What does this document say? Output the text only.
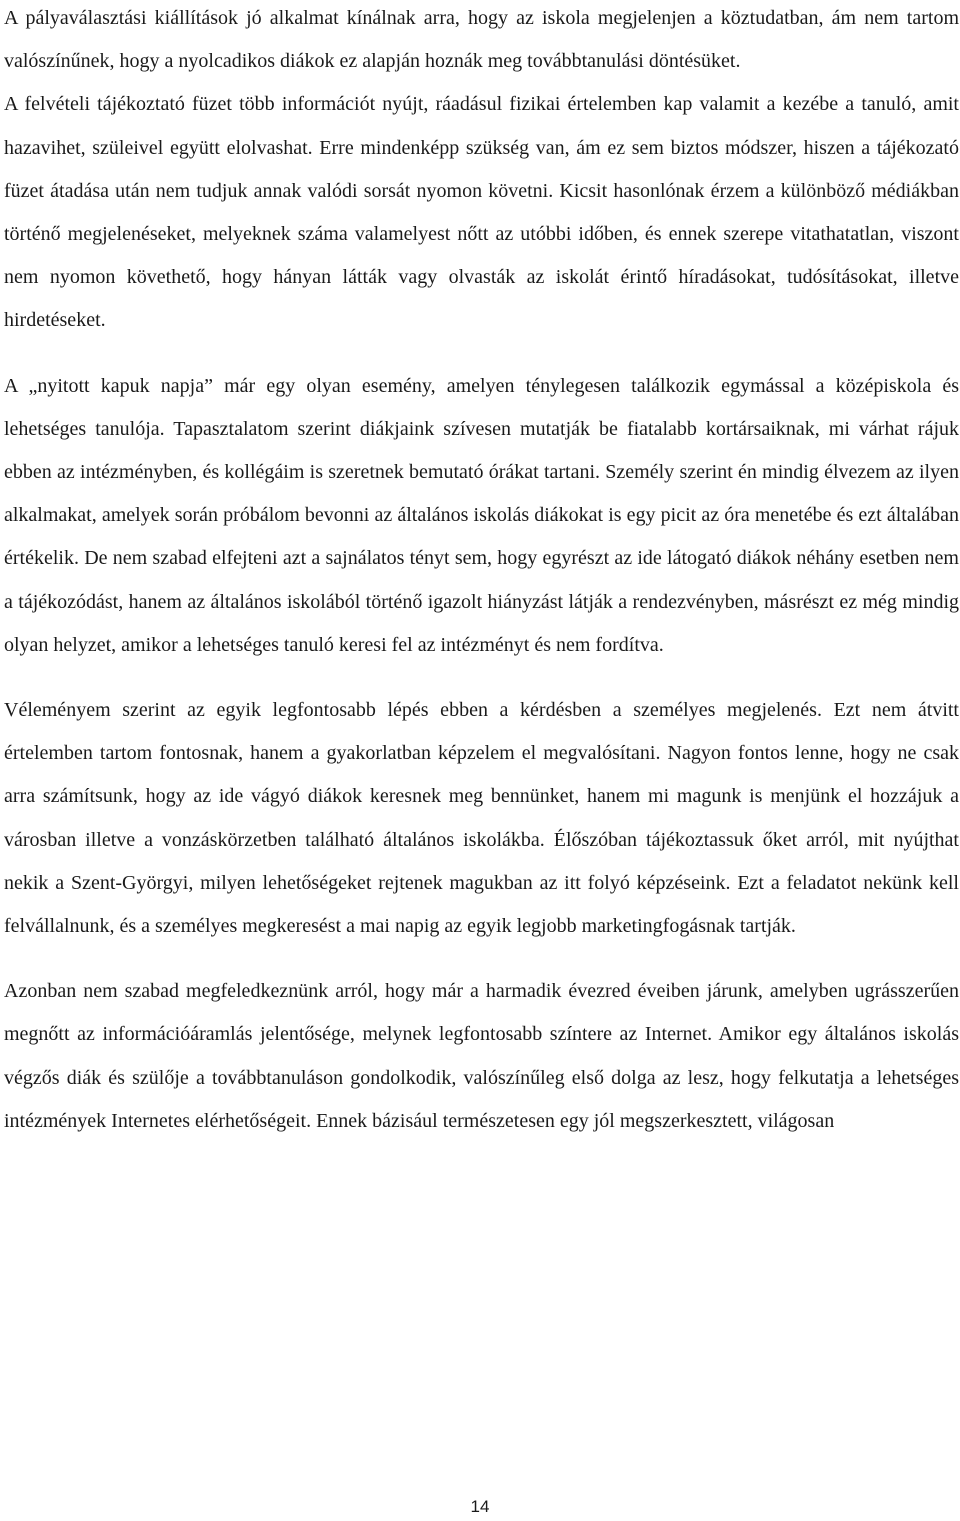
A pályaválasztási kiállítások jó alkalmat kínálnak arra, hogy az iskola megjelenjen a köztudatban, ám nem tartom valószínűnek, hogy a nyolcadikos diákok ez alapján hoznák meg továbbtanulási döntésüket.

A felvételi tájékoztató füzet több információt nyújt, ráadásul fizikai értelemben kap valamit a kezébe a tanuló, amit hazavihet, szüleivel együtt elolvashat. Erre mindenképp szükség van, ám ez sem biztos módszer, hiszen a tájékozató füzet átadása után nem tudjuk annak valódi sorsát nyomon követni. Kicsit hasonlónak érzem a különböző médiákban történő megjelenéseket, melyeknek száma valamelyest nőtt az utóbbi időben, és ennek szerepe vitathatatlan, viszont nem nyomon követhető, hogy hányan látták vagy olvasták az iskolát érintő híradásokat, tudósításokat, illetve hirdetéseket.

A „nyitott kapuk napja” már egy olyan esemény, amelyen ténylegesen találkozik egymással a középiskola és lehetséges tanulója. Tapasztalatom szerint diákjaink szívesen mutatják be fiatalabb kortársaiknak, mi várhat rájuk ebben az intézményben, és kollégáim is szeretnek bemutató órákat tartani. Személy szerint én mindig élvezem az ilyen alkalmakat, amelyek során próbálom bevonni az általános iskolás diákokat is egy picit az óra menetébe és ezt általában értékelik. De nem szabad elfejteni azt a sajnálatos tényt sem, hogy egyrészt az ide látogató diákok néhány esetben nem a tájékozódást, hanem az általános iskolából történő igazolt hiányzást látják a rendezvényben, másrészt ez még mindig olyan helyzet, amikor a lehetséges tanuló keresi fel az intézményt és nem fordítva.

Véleményem szerint az egyik legfontosabb lépés ebben a kérdésben a személyes megjelenés. Ezt nem átvitt értelemben tartom fontosnak, hanem a gyakorlatban képzelem el megvalósítani. Nagyon fontos lenne, hogy ne csak arra számítsunk, hogy az ide vágyó diákok keresnek meg bennünket, hanem mi magunk is menjünk el hozzájuk a városban illetve a vonzáskörzetben található általános iskolákba. Élőszóban tájékoztassuk őket arról, mit nyújthat nekik a Szent-Györgyi, milyen lehetőségeket rejtenek magukban az itt folyó képzéseink. Ezt a feladatot nekünk kell felvállalnunk, és a személyes megkeresést a mai napig az egyik legjobb marketingfogásnak tartják.

Azonban nem szabad megfeledkeznünk arról, hogy már a harmadik évezred éveiben járunk, amelyben ugrásszerűen megnőtt az információáramlás jelentősége, melynek legfontosabb színtere az Internet. Amikor egy általános iskolás végzős diák és szülője a továbbtanuláson gondolkodik, valószínűleg első dolga az lesz, hogy felkutatja a lehetséges intézmények Internetes elérhetőségeit. Ennek bázisául természetesen egy jól megszerkesztett, világosan

14
